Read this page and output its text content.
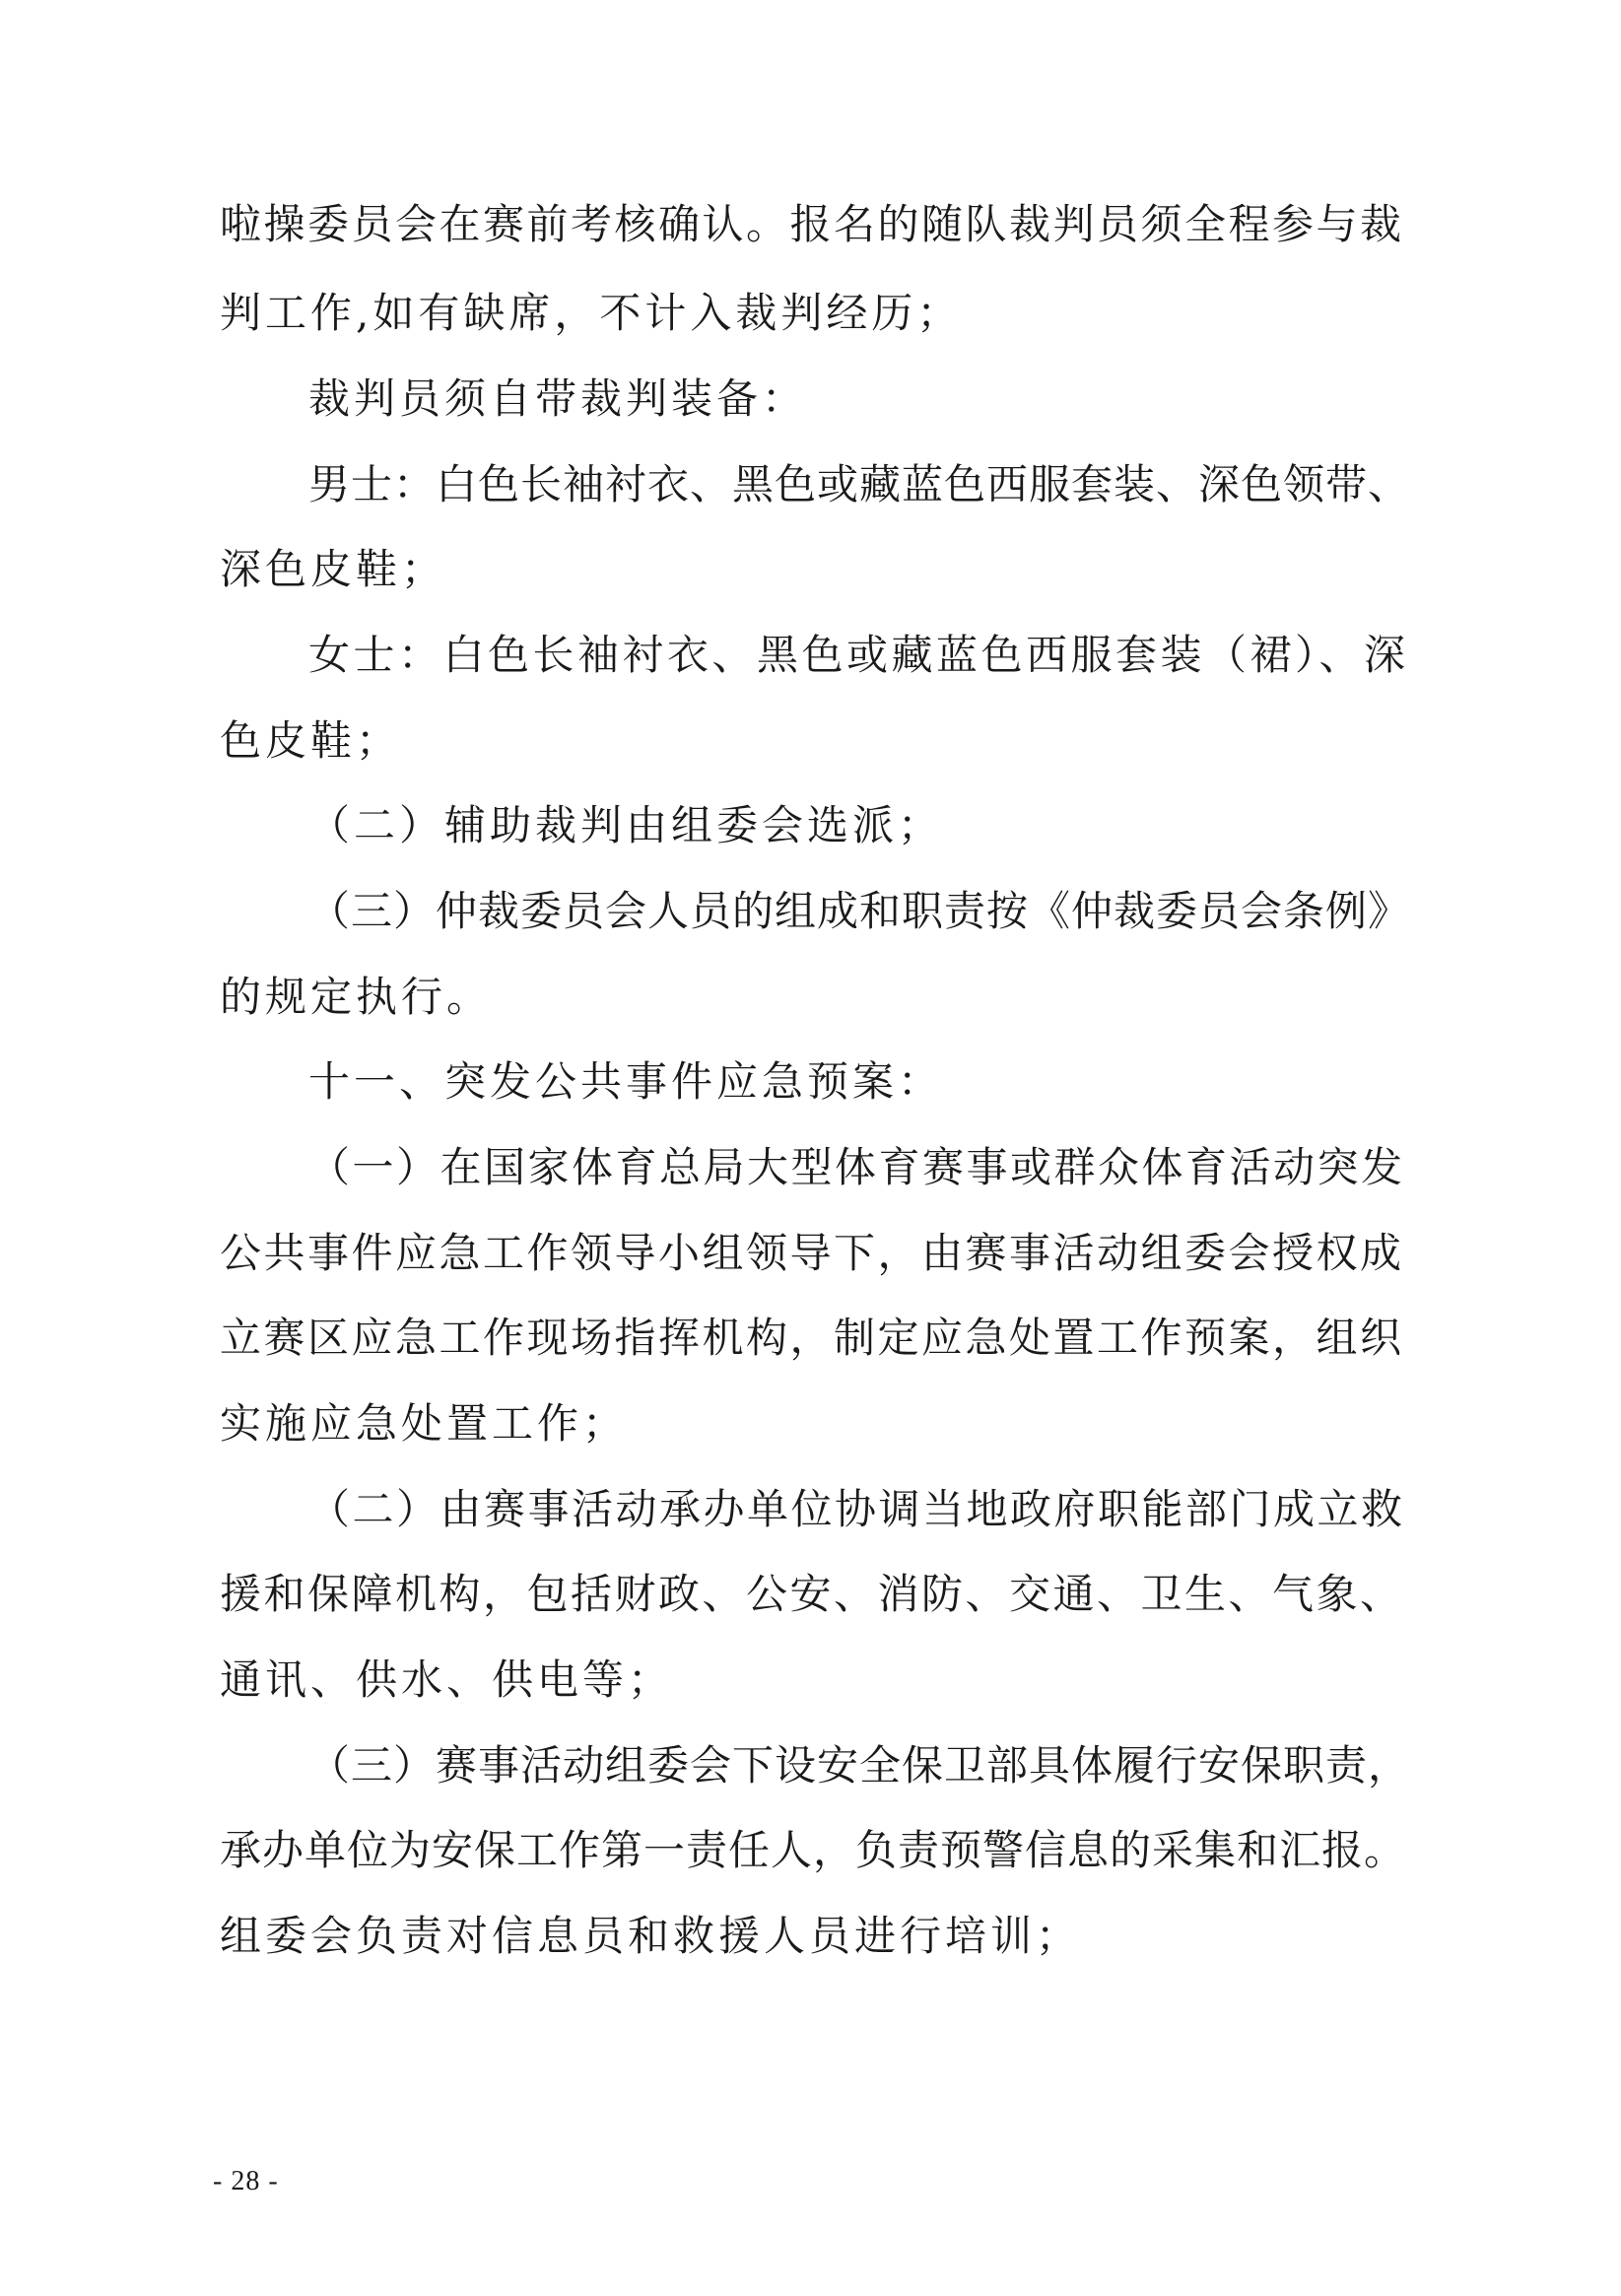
啦操委员会在赛前考核确认。报名的随队裁判员须全程参与裁
判工作,如有缺席，不计入裁判经历；
裁判员须自带裁判装备：
男士：白色长袖衬衣、黑色或藏蓝色西服套装、深色领带、
深色皮鞋；
女士：白色长袖衬衣、黑色或藏蓝色西服套装（裙）、深
色皮鞋；
（二）辅助裁判由组委会选派；
（三）仲裁委员会人员的组成和职责按《仲裁委员会条例》
的规定执行。
十一、突发公共事件应急预案：
（一）在国家体育总局大型体育赛事或群众体育活动突发
公共事件应急工作领导小组领导下，由赛事活动组委会授权成
立赛区应急工作现场指挥机构，制定应急处置工作预案，组织
实施应急处置工作；
（二）由赛事活动承办单位协调当地政府职能部门成立救
援和保障机构，包括财政、公安、消防、交通、卫生、气象、
通讯、供水、供电等；
（三）赛事活动组委会下设安全保卫部具体履行安保职责，
承办单位为安保工作第一责任人，负责预警信息的采集和汇报。
组委会负责对信息员和救援人员进行培训；
- 28 -
